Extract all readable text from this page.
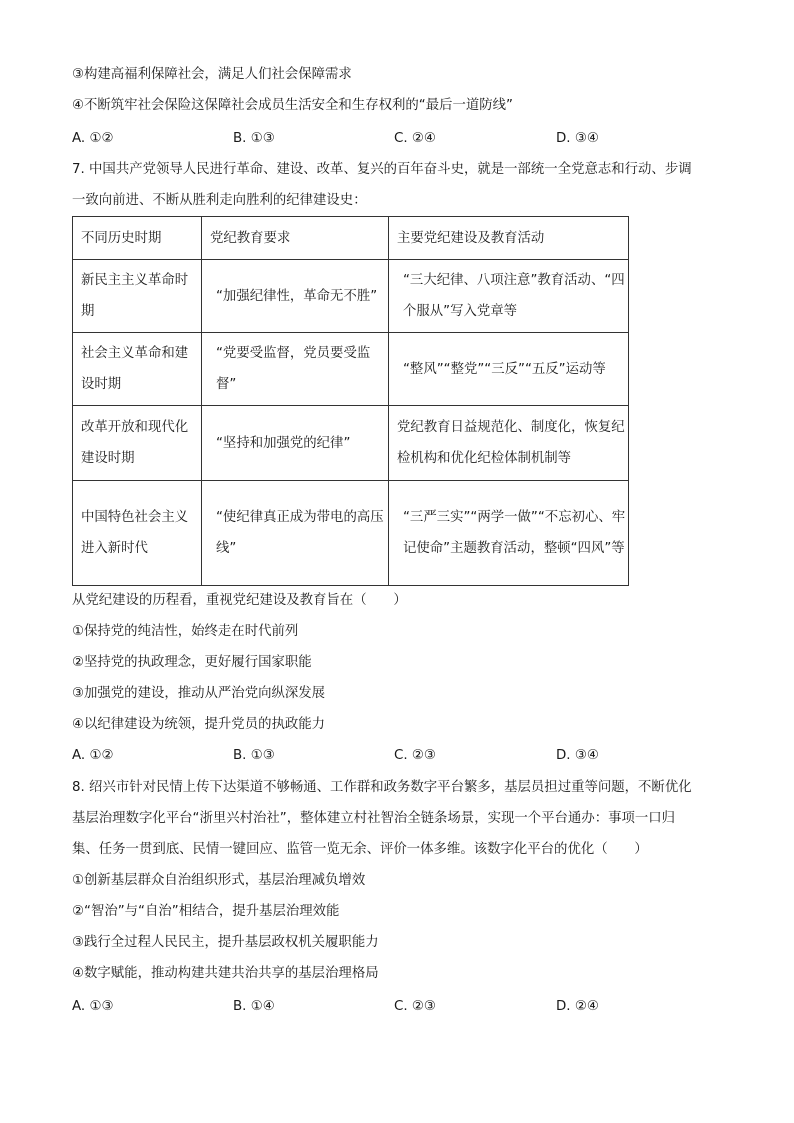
③构建高福利保障社会，满足人们社会保障需求
④不断筑牢社会保险这保障社会成员生活安全和生存权利的“最后一道防线”
A. ①②	B. ①③	C. ②④	D. ③④
7. 中国共产党领导人民进行革命、建设、改革、复兴的百年奋斗史，就是一部统一全党意志和行动、步调
一致向前进、不断从胜利走向胜利的纪律建设史：
不同历史时期	党纪教育要求	主要党纪建设及教育活动
新民主主义革命时期	“加强纪律性，革命无不胜”	“三大纪律、八项注意”教育活动、“四个服从”写入党章等
社会主义革命和建设时期	“党要受监督，党员要受监督”	“整风”“整党”“三反”“五反”运动等
改革开放和现代化建设时期	“坚持和加强党的纪律”	党纪教育日益规范化、制度化，恢复纪检机构和优化纪检体制机制等
中国特色社会主义进入新时代	“使纪律真正成为带电的高压线”	“三严三实”“两学一做”“不忘初心、牢记使命”主题教育活动，整顿“四风”等
从党纪建设的历程看，重视党纪建设及教育旨在（　　）
①保持党的纯洁性，始终走在时代前列
②坚持党的执政理念，更好履行国家职能
③加强党的建设，推动从严治党向纵深发展
④以纪律建设为统领，提升党员的执政能力
A. ①②	B. ①③	C. ②③	D. ③④
8. 绍兴市针对民情上传下达渠道不够畅通、工作群和政务数字平台繁多，基层员担过重等问题，不断优化
基层治理数字化平台“浙里兴村治社”，整体建立村社智治全链条场景，实现一个平台通办：事项一口归
集、任务一贯到底、民情一键回应、监管一览无余、评价一体多维。该数字化平台的优化（　　）
①创新基层群众自治组织形式，基层治理减负增效
②“智治”与“自治”相结合，提升基层治理效能
③践行全过程人民民主，提升基层政权机关履职能力
④数字赋能，推动构建共建共治共享的基层治理格局
A. ①③	B. ①④	C. ②③	D. ②④
